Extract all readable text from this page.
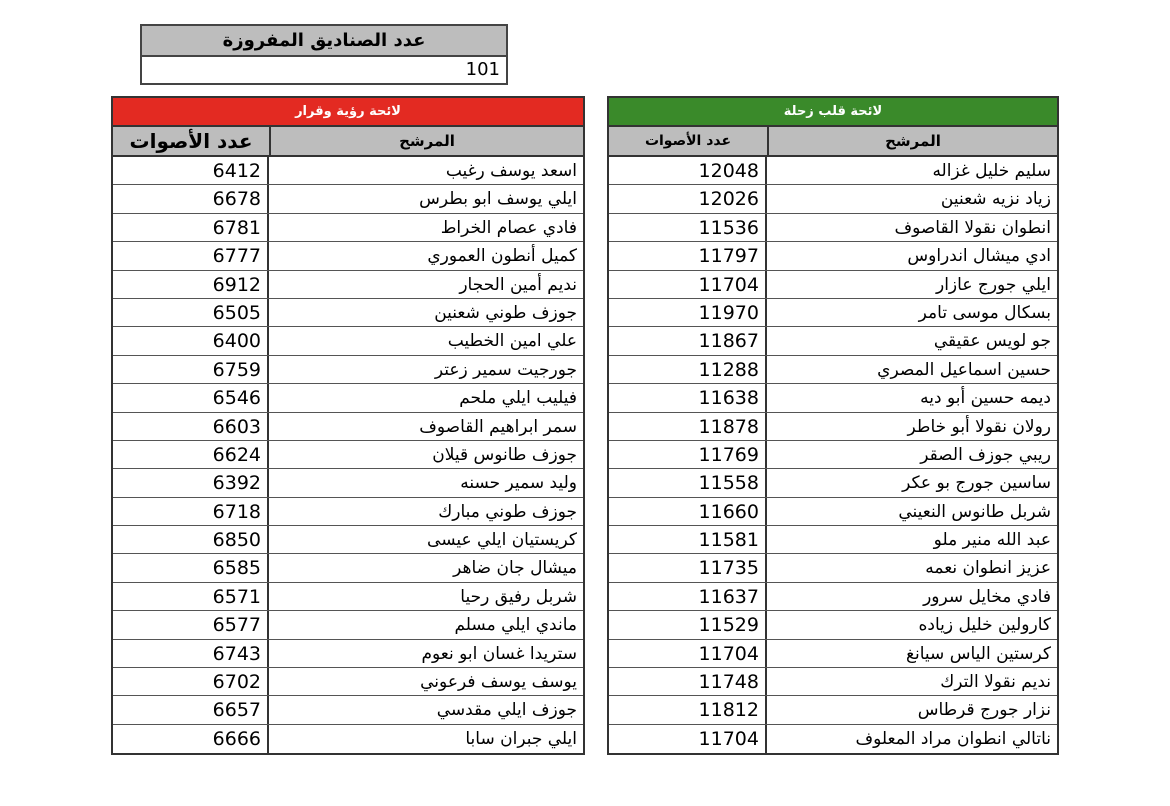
عدد الصناديق المفروزة
101
لائحة رؤية وقرار
عدد الأصوات	المرشح
6412	اسعد يوسف رغيب
6678	ايلي يوسف ابو بطرس
6781	فادي عصام الخراط
6777	كميل أنطون العموري
6912	نديم أمين الحجار
6505	جوزف طوني شعنين
6400	علي امين الخطيب
6759	جورجيت سمير زعتر
6546	فيليب ايلي ملحم
6603	سمر ابراهيم القاصوف
6624	جوزف طانوس قيلان
6392	وليد سمير حسنه
6718	جوزف طوني مبارك
6850	كريستيان ايلي عيسى
6585	ميشال جان ضاهر
6571	شربل رفيق رحيا
6577	ماندي ايلي مسلم
6743	ستريدا غسان ابو نعوم
6702	يوسف يوسف فرعوني
6657	جوزف ايلي مقدسي
6666	ايلي جبران سابا
لائحة قلب زحلة
عدد الأصوات	المرشح
12048	سليم خليل غزاله
12026	زياد نزيه شعنين
11536	انطوان نقولا القاصوف
11797	ادي ميشال اندراوس
11704	ايلي جورج عازار
11970	بسكال موسى تامر
11867	جو لويس عقيقي
11288	حسين اسماعيل المصري
11638	ديمه حسين أبو ديه
11878	رولان نقولا أبو خاطر
11769	ريبي جوزف الصقر
11558	ساسين جورج بو عكر
11660	شربل طانوس النعيني
11581	عبد الله منير ملو
11735	عزيز انطوان نعمه
11637	فادي مخايل سرور
11529	كارولين خليل زياده
11704	كرستين الياس سيانغ
11748	نديم نقولا الترك
11812	نزار جورج قرطاس
11704	ناتالي انطوان مراد المعلوف
